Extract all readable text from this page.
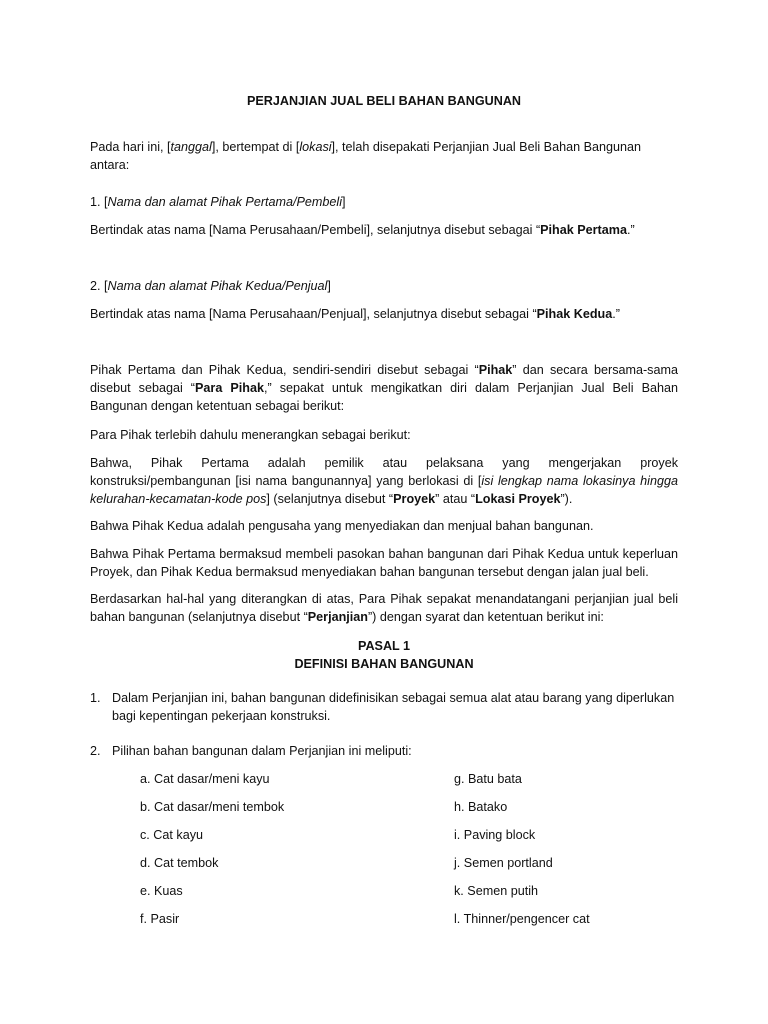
PERJANJIAN JUAL BELI BAHAN BANGUNAN

Pada hari ini, [tanggal], bertempat di [lokasi], telah disepakati Perjanjian Jual Beli Bahan Bangunan antara:

1. [Nama dan alamat Pihak Pertama/Pembeli]

Bertindak atas nama [Nama Perusahaan/Pembeli], selanjutnya disebut sebagai “Pihak Pertama.”

2. [Nama dan alamat Pihak Kedua/Penjual]

Bertindak atas nama [Nama Perusahaan/Penjual], selanjutnya disebut sebagai “Pihak Kedua.”

Pihak Pertama dan Pihak Kedua, sendiri-sendiri disebut sebagai “Pihak” dan secara bersama-sama disebut sebagai “Para Pihak,” sepakat untuk mengikatkan diri dalam Perjanjian Jual Beli Bahan Bangunan dengan ketentuan sebagai berikut:

Para Pihak terlebih dahulu menerangkan sebagai berikut:

Bahwa, Pihak Pertama adalah pemilik atau pelaksana yang mengerjakan proyek konstruksi/pembangunan [isi nama bangunannya] yang berlokasi di [isi lengkap nama lokasinya hingga kelurahan-kecamatan-kode pos] (selanjutnya disebut “Proyek” atau “Lokasi Proyek”).

Bahwa Pihak Kedua adalah pengusaha yang menyediakan dan menjual bahan bangunan.

Bahwa Pihak Pertama bermaksud membeli pasokan bahan bangunan dari Pihak Kedua untuk keperluan Proyek, dan Pihak Kedua bermaksud menyediakan bahan bangunan tersebut dengan jalan jual beli.

Berdasarkan hal-hal yang diterangkan di atas, Para Pihak sepakat menandatangani perjanjian jual beli bahan bangunan (selanjutnya disebut “Perjanjian”) dengan syarat dan ketentuan berikut ini:

PASAL 1
DEFINISI BAHAN BANGUNAN
1. Dalam Perjanjian ini, bahan bangunan didefinisikan sebagai semua alat atau barang yang diperlukan bagi kepentingan pekerjaan konstruksi.

2. Pilihan bahan bangunan dalam Perjanjian ini meliputi:

a. Cat dasar/meni kayu
b. Cat dasar/meni tembok
c. Cat kayu
d. Cat tembok
e. Kuas
f. Pasir
g. Batu bata
h. Batako
i. Paving block
j. Semen portland
k. Semen putih
l. Thinner/pengencer cat
